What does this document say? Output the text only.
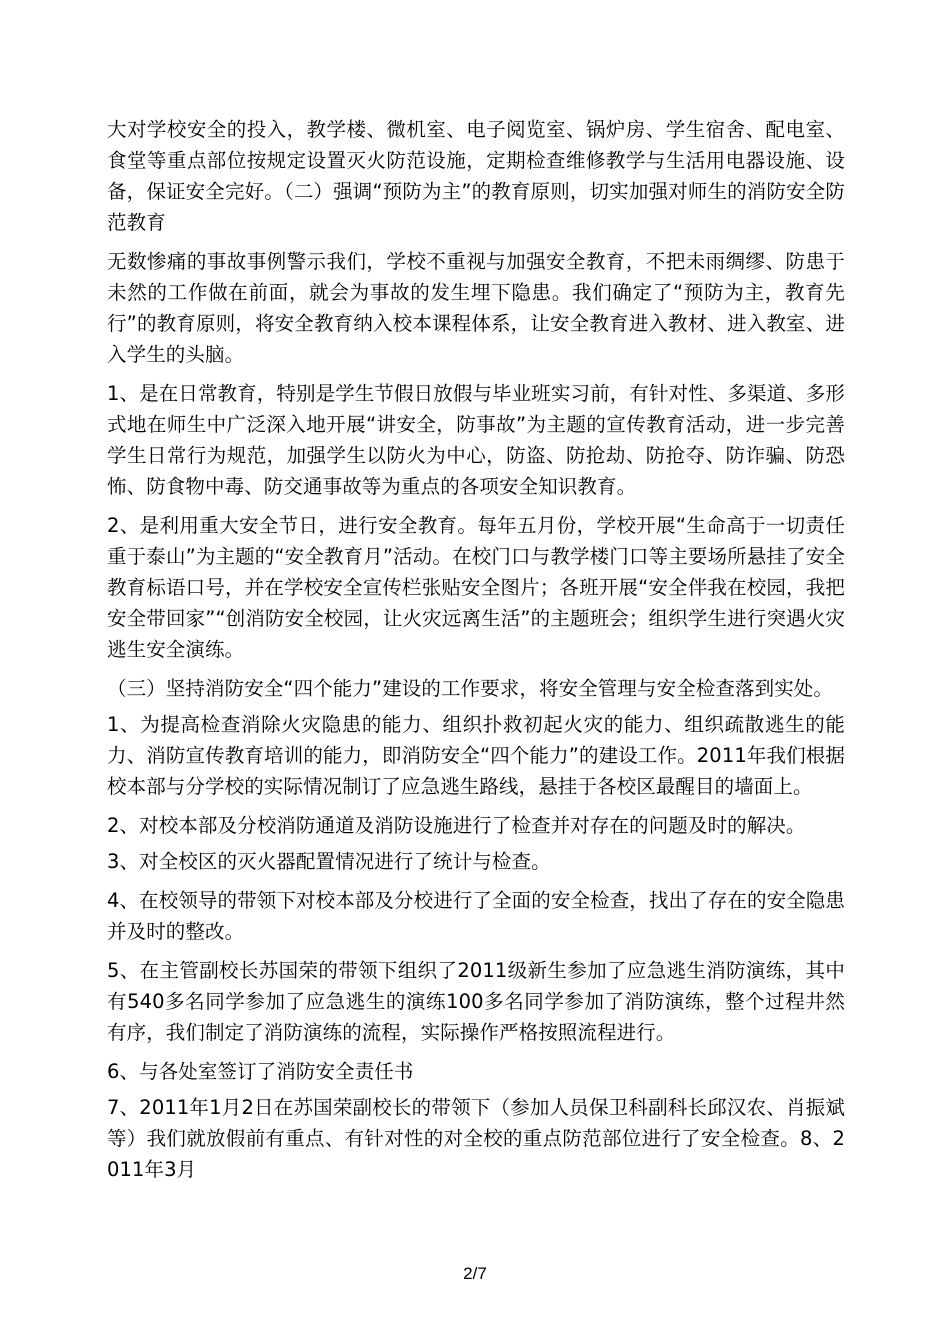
大对学校安全的投入，教学楼、微机室、电子阅览室、锅炉房、学生宿舍、配电室、食堂等重点部位按规定设置灭火防范设施，定期检查维修教学与生活用电器设施、设备，保证安全完好。（二）强调“预防为主”的教育原则，切实加强对师生的消防安全防范教育

无数惨痛的事故事例警示我们，学校不重视与加强安全教育，不把未雨绸缪、防患于未然的工作做在前面，就会为事故的发生埋下隐患。我们确定了“预防为主，教育先行”的教育原则，将安全教育纳入校本课程体系，让安全教育进入教材、进入教室、进入学生的头脑。

1、是在日常教育，特别是学生节假日放假与毕业班实习前，有针对性、多渠道、多形式地在师生中广泛深入地开展“讲安全，防事故”为主题的宣传教育活动，进一步完善学生日常行为规范，加强学生以防火为中心，防盗、防抢劫、防抢夺、防诈骗、防恐怖、防食物中毒、防交通事故等为重点的各项安全知识教育。

2、是利用重大安全节日，进行安全教育。每年五月份，学校开展“生命高于一切责任重于泰山”为主题的“安全教育月”活动。在校门口与教学楼门口等主要场所悬挂了安全教育标语口号，并在学校安全宣传栏张贴安全图片；各班开展“安全伴我在校园，我把安全带回家”“创消防安全校园，让火灾远离生活”的主题班会；组织学生进行突遇火灾逃生安全演练。

（三）坚持消防安全“四个能力”建设的工作要求，将安全管理与安全检查落到实处。

1、为提高检查消除火灾隐患的能力、组织扑救初起火灾的能力、组织疏散逃生的能力、消防宣传教育培训的能力，即消防安全“四个能力”的建设工作。2011年我们根据校本部与分学校的实际情况制订了应急逃生路线，悬挂于各校区最醒目的墙面上。

2、对校本部及分校消防通道及消防设施进行了检查并对存在的问题及时的解决。

3、对全校区的灭火器配置情况进行了统计与检查。

4、在校领导的带领下对校本部及分校进行了全面的安全检查，找出了存在的安全隐患并及时的整改。

5、在主管副校长苏国荣的带领下组织了2011级新生参加了应急逃生消防演练，其中有540多名同学参加了应急逃生的演练100多名同学参加了消防演练，整个过程井然有序，我们制定了消防演练的流程，实际操作严格按照流程进行。

6、与各处室签订了消防安全责任书

7、2011年1月2日在苏国荣副校长的带领下（参加人员保卫科副科长邱汉农、肖振斌等）我们就放假前有重点、有针对性的对全校的重点防范部位进行了安全检查。8、2011年3月

2/7
